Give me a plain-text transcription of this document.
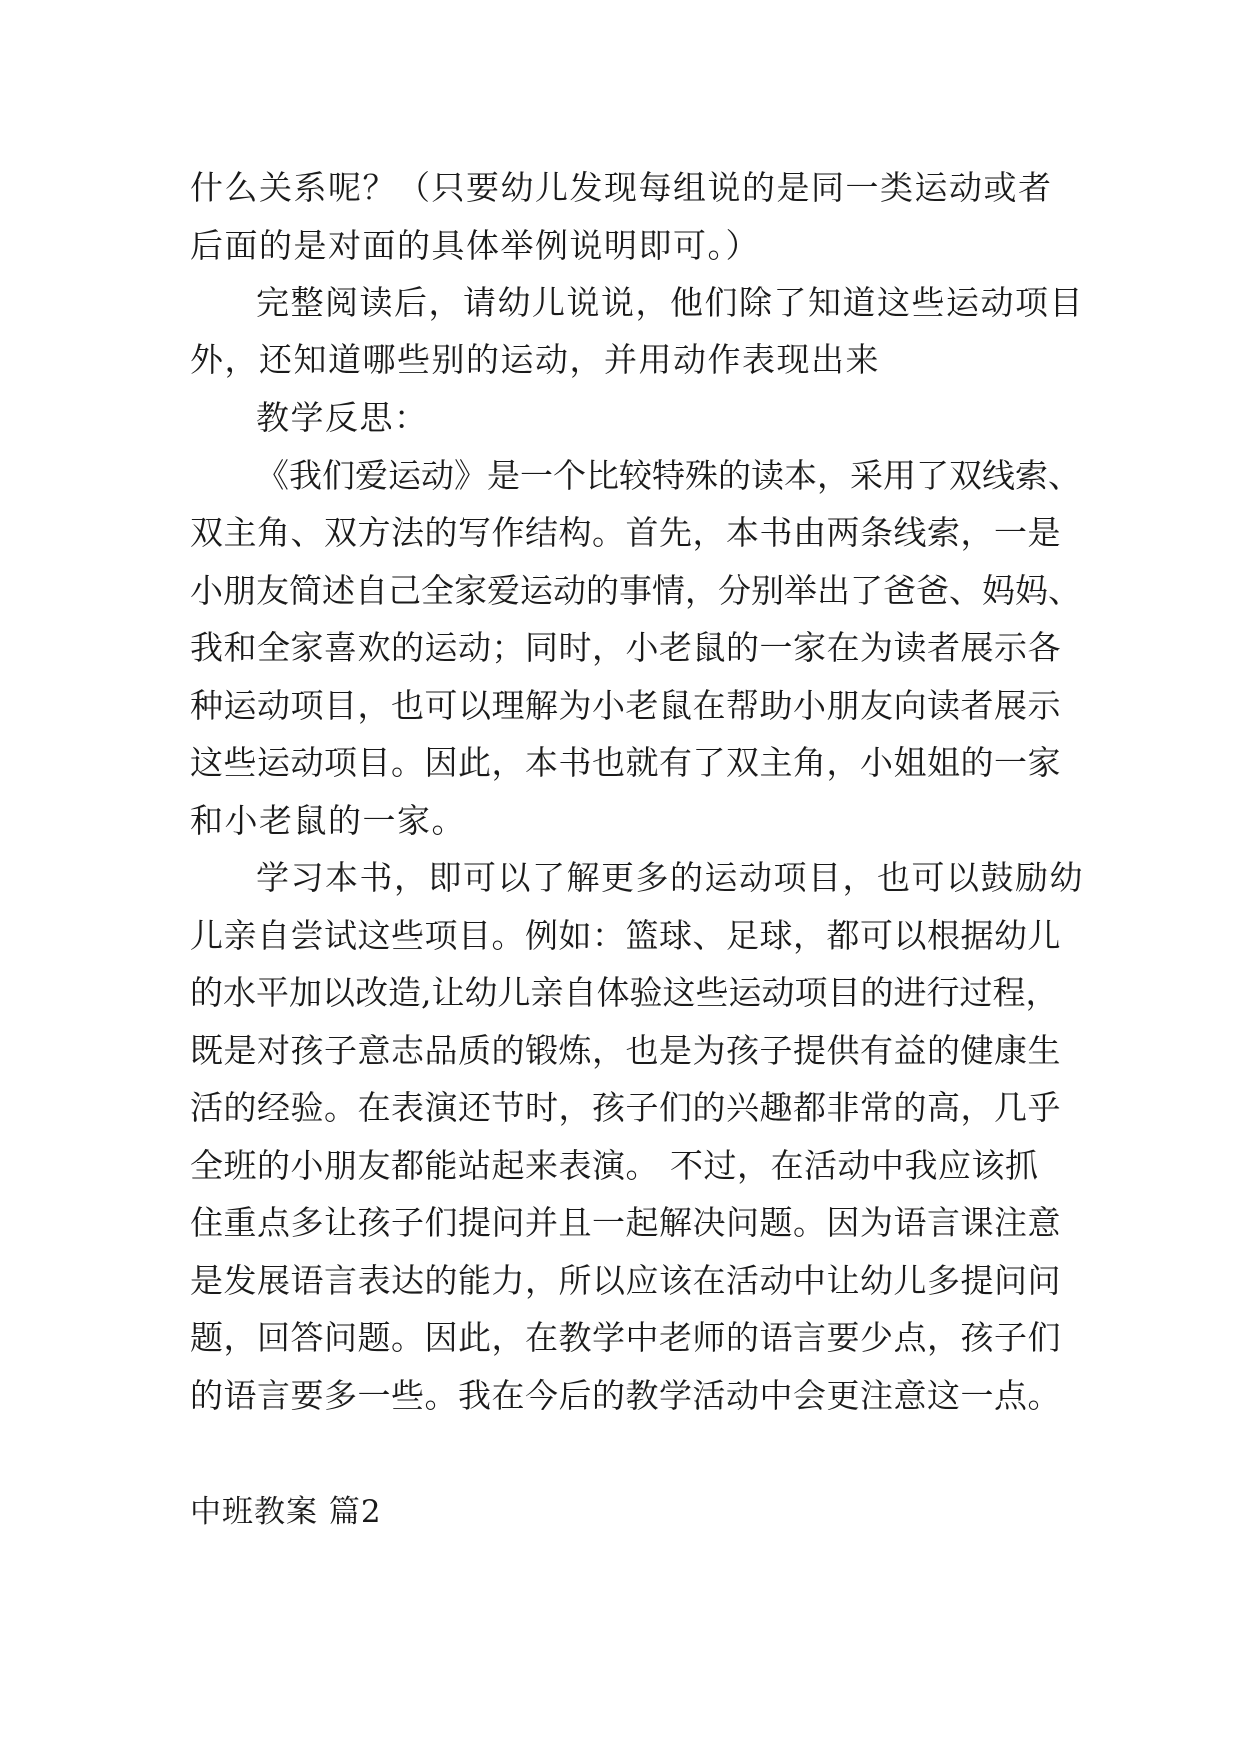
什么关系呢？（只要幼儿发现每组说的是同一类运动或者
后面的是对面的具体举例说明即可。）
完整阅读后，请幼儿说说，他们除了知道这些运动项目
外，还知道哪些别的运动，并用动作表现出来
教学反思：
《我们爱运动》是一个比较特殊的读本，采用了双线索、
双主角、双方法的写作结构。首先，本书由两条线索，一是
小朋友简述自己全家爱运动的事情，分别举出了爸爸、妈妈、
我和全家喜欢的运动；同时，小老鼠的一家在为读者展示各
种运动项目，也可以理解为小老鼠在帮助小朋友向读者展示
这些运动项目。因此，本书也就有了双主角，小姐姐的一家
和小老鼠的一家。
学习本书，即可以了解更多的运动项目，也可以鼓励幼
儿亲自尝试这些项目。例如：篮球、足球，都可以根据幼儿
的水平加以改造,让幼儿亲自体验这些运动项目的进行过程，
既是对孩子意志品质的锻炼，也是为孩子提供有益的健康生
活的经验。在表演还节时，孩子们的兴趣都非常的高，几乎
全班的小朋友都能站起来表演。 不过，在活动中我应该抓
住重点多让孩子们提问并且一起解决问题。因为语言课注意
是发展语言表达的能力，所以应该在活动中让幼儿多提问问
题，回答问题。因此，在教学中老师的语言要少点，孩子们
的语言要多一些。我在今后的教学活动中会更注意这一点。
中班教案 篇2
